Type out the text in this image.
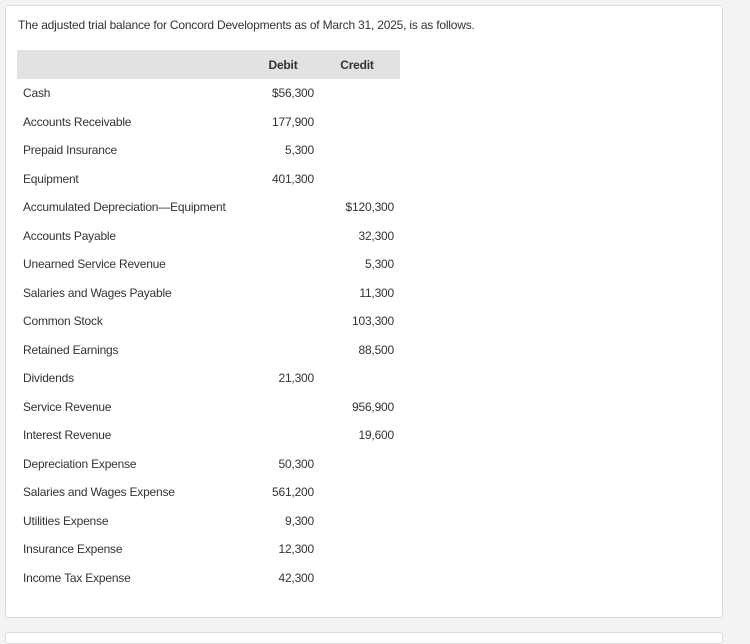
The adjusted trial balance for Concord Developments as of March 31, 2025, is as follows.
	Debit	Credit
Cash	$56,300	
Accounts Receivable	177,900	
Prepaid Insurance	5,300	
Equipment	401,300	
Accumulated Depreciation—Equipment		$120,300
Accounts Payable		32,300
Unearned Service Revenue		5,300
Salaries and Wages Payable		11,300
Common Stock		103,300
Retained Earnings		88,500
Dividends	21,300	
Service Revenue		956,900
Interest Revenue		19,600
Depreciation Expense	50,300	
Salaries and Wages Expense	561,200	
Utilities Expense	9,300	
Insurance Expense	12,300	
Income Tax Expense	42,300	
